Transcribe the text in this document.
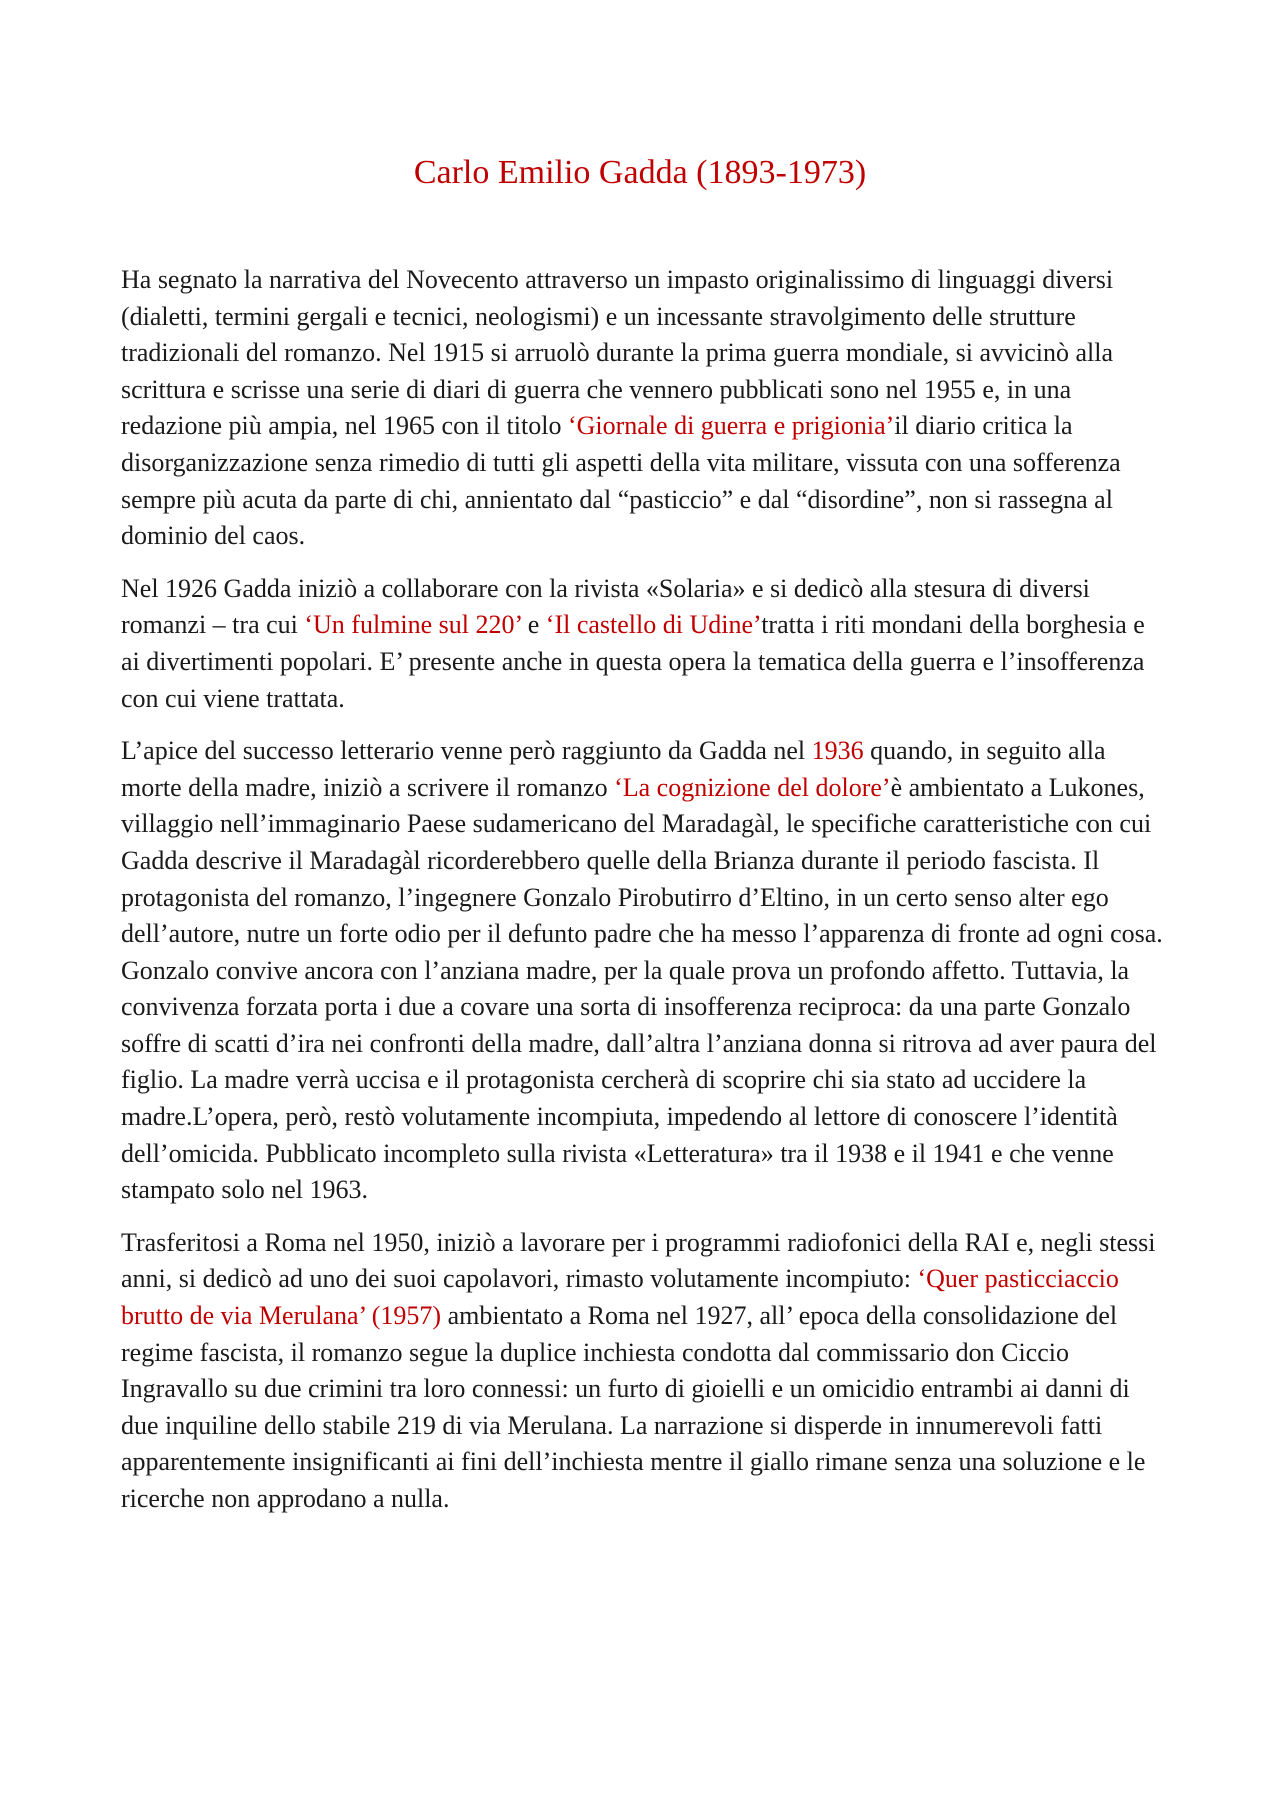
Carlo Emilio Gadda (1893-1973)

Ha segnato la narrativa del Novecento attraverso un impasto originalissimo di linguaggi diversi (dialetti, termini gergali e tecnici, neologismi) e un incessante stravolgimento delle strutture tradizionali del romanzo. Nel 1915 si arruolò durante la prima guerra mondiale, si avvicinò alla scrittura e scrisse una serie di diari di guerra che vennero pubblicati sono nel 1955 e, in una redazione più ampia, nel 1965 con il titolo ‘Giornale di guerra e prigionia’il diario critica la disorganizzazione senza rimedio di tutti gli aspetti della vita militare, vissuta con una sofferenza sempre più acuta da parte di chi, annientato dal “pasticcio” e dal “disordine”, non si rassegna al dominio del caos.

Nel 1926 Gadda iniziò a collaborare con la rivista «Solaria» e si dedicò alla stesura di diversi romanzi – tra cui ‘Un fulmine sul 220’ e ‘Il castello di Udine’tratta i riti mondani della borghesia e ai divertimenti popolari. E’ presente anche in questa opera la tematica della guerra e l’insofferenza con cui viene trattata.

L’apice del successo letterario venne però raggiunto da Gadda nel 1936 quando, in seguito alla morte della madre, iniziò a scrivere il romanzo ‘La cognizione del dolore’è ambientato a Lukones, villaggio nell’immaginario Paese sudamericano del Maradagàl, le specifiche caratteristiche con cui Gadda descrive il Maradagàl ricorderebbero quelle della Brianza durante il periodo fascista. Il protagonista del romanzo, l’ingegnere Gonzalo Pirobutirro d’Eltino, in un certo senso alter ego dell’autore, nutre un forte odio per il defunto padre che ha messo l’apparenza di fronte ad ogni cosa. Gonzalo convive ancora con l’anziana madre, per la quale prova un profondo affetto. Tuttavia, la convivenza forzata porta i due a covare una sorta di insofferenza reciproca: da una parte Gonzalo soffre di scatti d’ira nei confronti della madre, dall’altra l’anziana donna si ritrova ad aver paura del figlio. La madre verrà uccisa e il protagonista cercherà di scoprire chi sia stato ad uccidere la madre.L’opera, però, restò volutamente incompiuta, impedendo al lettore di conoscere l’identità dell’omicida. Pubblicato incompleto sulla rivista «Letteratura» tra il 1938 e il 1941 e che venne stampato solo nel 1963.

Trasferitosi a Roma nel 1950, iniziò a lavorare per i programmi radiofonici della RAI e, negli stessi anni, si dedicò ad uno dei suoi capolavori, rimasto volutamente incompiuto: ‘Quer pasticciaccio brutto de via Merulana’ (1957) ambientato a Roma nel 1927, all’ epoca della consolidazione del regime fascista, il romanzo segue la duplice inchiesta condotta dal commissario don Ciccio Ingravallo su due crimini tra loro connessi: un furto di gioielli e un omicidio entrambi ai danni di due inquiline dello stabile 219 di via Merulana. La narrazione si disperde in innumerevoli fatti apparentemente insignificanti ai fini dell’inchiesta mentre il giallo rimane senza una soluzione e le ricerche non approdano a nulla.
